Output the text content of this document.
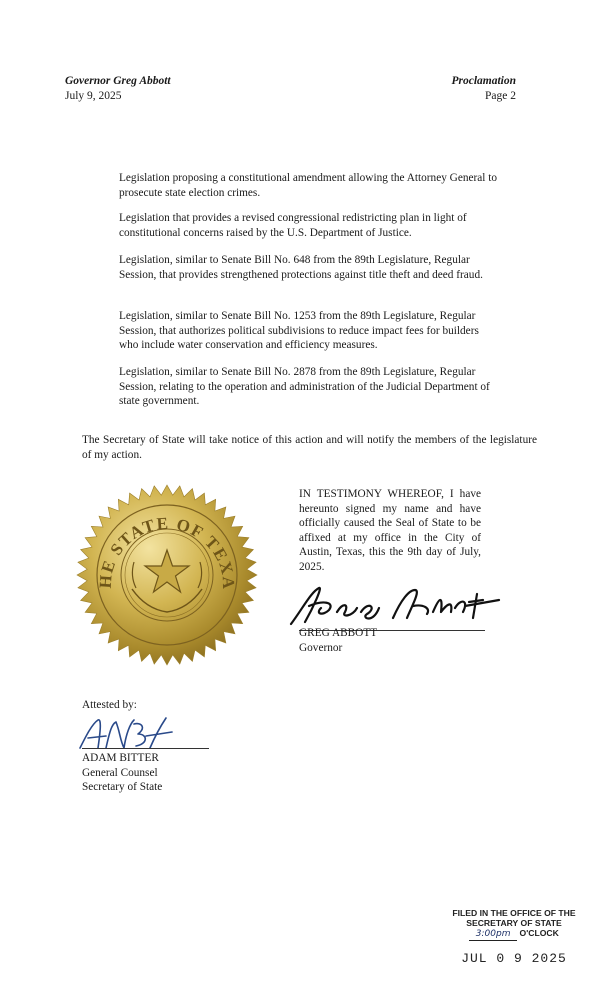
Governor Greg Abbott
July 9, 2025
Proclamation
Page 2
Legislation proposing a constitutional amendment allowing the Attorney General to prosecute state election crimes.
Legislation that provides a revised congressional redistricting plan in light of constitutional concerns raised by the U.S. Department of Justice.
Legislation, similar to Senate Bill No. 648 from the 89th Legislature, Regular Session, that provides strengthened protections against title theft and deed fraud.
Legislation, similar to Senate Bill No. 1253 from the 89th Legislature, Regular Session, that authorizes political subdivisions to reduce impact fees for builders who include water conservation and efficiency measures.
Legislation, similar to Senate Bill No. 2878 from the 89th Legislature, Regular Session, relating to the operation and administration of the Judicial Department of state government.
The Secretary of State will take notice of this action and will notify the members of the legislature of my action.
HE STATE OF TEXA
IN TESTIMONY WHEREOF, I have hereunto signed my name and have officially caused the Seal of State to be affixed at my office in the City of Austin, Texas, this the 9th day of July, 2025.
GREG ABBOTT
Governor
Attested by:
ADAM BITTER
General Counsel
Secretary of State
FILED IN THE OFFICE OF THE
SECRETARY OF STATE
3:00pm O'CLOCK
JUL 0 9 2025
